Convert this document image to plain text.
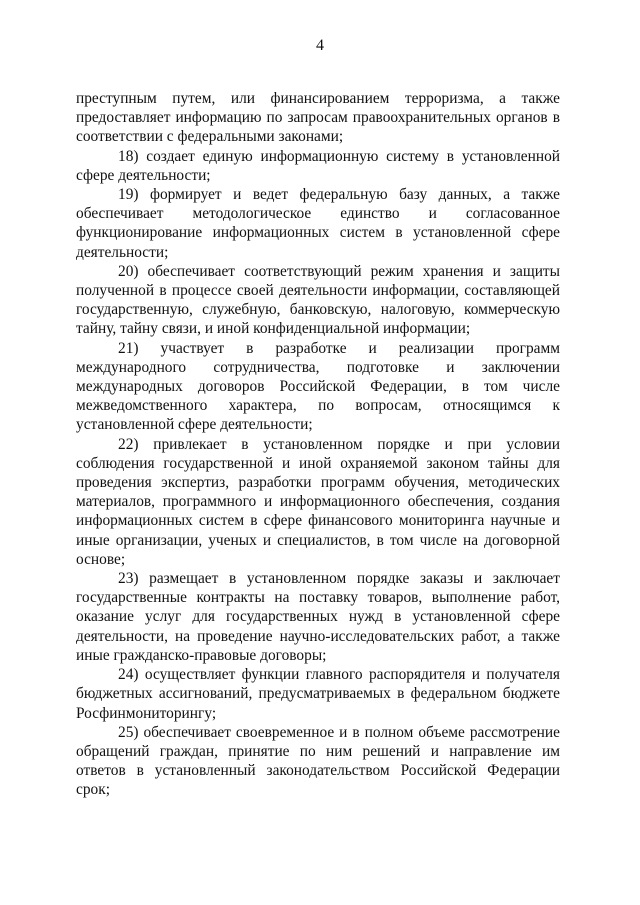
4

преступным путем, или финансированием терроризма, а также предоставляет информацию по запросам правоохранительных органов в соответствии с федеральными законами;

18) создает единую информационную систему в установленной сфере деятельности;

19) формирует и ведет федеральную базу данных, а также обеспечивает методологическое единство и согласованное функционирование информационных систем в установленной сфере деятельности;

20) обеспечивает соответствующий режим хранения и защиты полученной в процессе своей деятельности информации, составляющей государственную, служебную, банковскую, налоговую, коммерческую тайну, тайну связи, и иной конфиденциальной информации;

21) участвует в разработке и реализации программ международного сотрудничества, подготовке и заключении международных договоров Российской Федерации, в том числе межведомственного характера, по вопросам, относящимся к установленной сфере деятельности;

22) привлекает в установленном порядке и при условии соблюдения государственной и иной охраняемой законом тайны для проведения экспертиз, разработки программ обучения, методических материалов, программного и информационного обеспечения, создания информационных систем в сфере финансового мониторинга научные и иные организации, ученых и специалистов, в том числе на договорной основе;

23) размещает в установленном порядке заказы и заключает государственные контракты на поставку товаров, выполнение работ, оказание услуг для государственных нужд в установленной сфере деятельности, на проведение научно-исследовательских работ, а также иные гражданско-правовые договоры;

24) осуществляет функции главного распорядителя и получателя бюджетных ассигнований, предусматриваемых в федеральном бюджете Росфинмониторингу;

25) обеспечивает своевременное и в полном объеме рассмотрение обращений граждан, принятие по ним решений и направление им ответов в установленный законодательством Российской Федерации срок;
